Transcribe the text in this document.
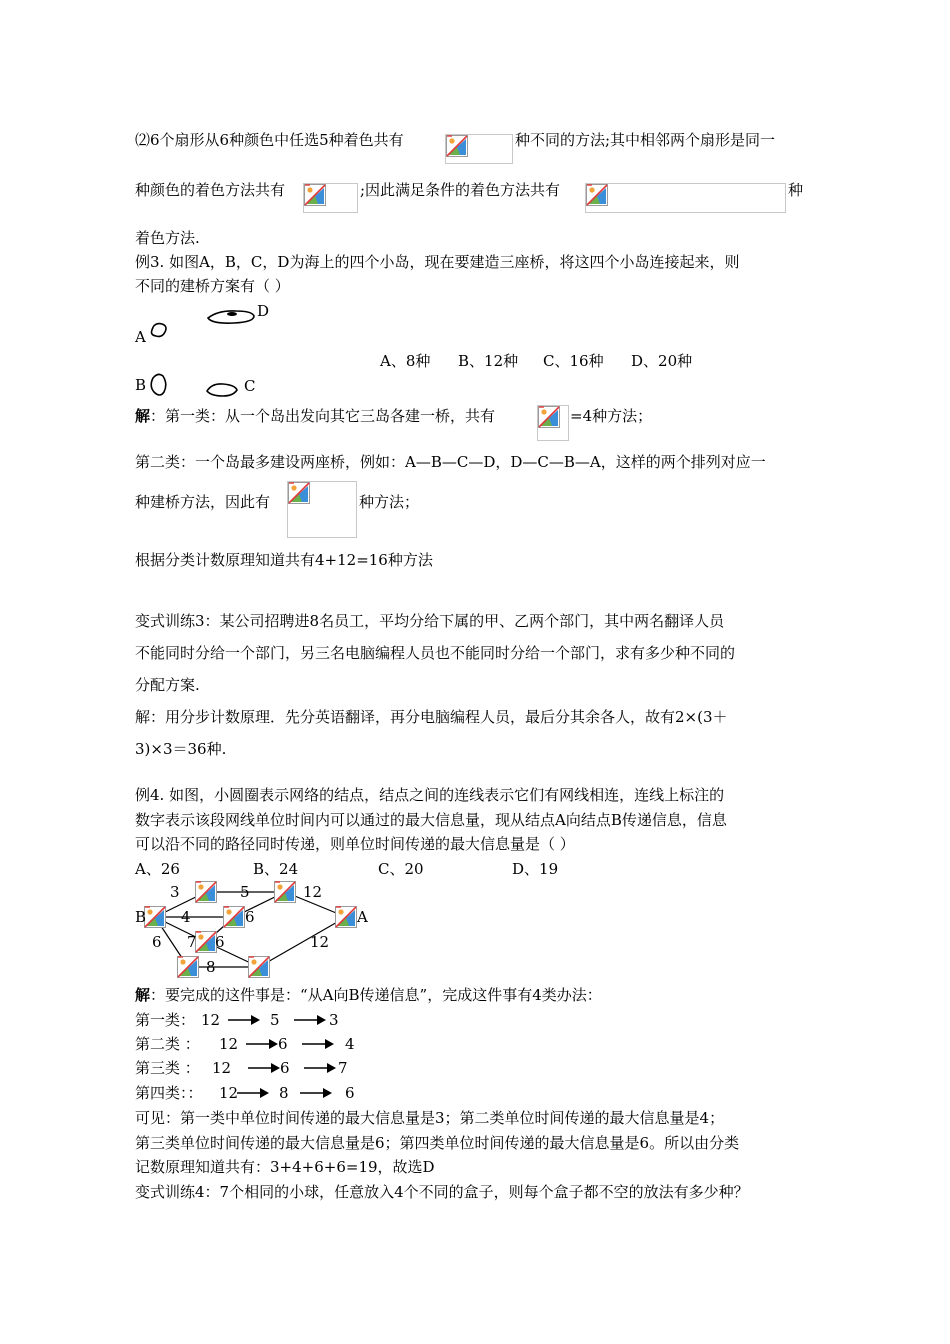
⑵6个扇形从6种颜色中任选5种着色共有	种不同的方法;其中相邻两个扇形是同一
种颜色的着色方法共有	;因此满足条件的着色方法共有	种
着色方法.
例3. 如图A，B，C，D为海上的四个小岛，现在要建造三座桥，将这四个小岛连接起来，则
不同的建桥方案有（ ）
D
A
B	C
A、8种 B、12种 C、16种 D、20种
解：第一类：从一个岛出发向其它三岛各建一桥，共有	=4种方法；
第二类：一个岛最多建设两座桥，例如：A—B—C—D，D—C—B—A，这样的两个排列对应一
种建桥方法，因此有	种方法；
根据分类计数原理知道共有4+12=16种方法
变式训练3：某公司招聘进8名员工，平均分给下属的甲、乙两个部门，其中两名翻译人员
不能同时分给一个部门，另三名电脑编程人员也不能同时分给一个部门，求有多少种不同的
分配方案.
解：用分步计数原理．先分英语翻译，再分电脑编程人员，最后分其余各人，故有2×(3＋
3)×3＝36种.
例4. 如图，小圆圈表示网络的结点，结点之间的连线表示它们有网线相连，连线上标注的
数字表示该段网线单位时间内可以通过的最大信息量，现从结点A向结点B传递信息，信息
可以沿不同的路径同时传递，则单位时间传递的最大信息量是（ ）
A、26	B、24	C、20	D、19
3	5	12
B 4	6	A
6 7 6	12
8
解：要完成的这件事是：“从A向B传递信息”，完成这件事有4类办法：
第一类： 12	5	3
第二类 ： 12	6	4
第三类 ： 12	6	7
第四类：： 12	8	6
可见：第一类中单位时间传递的最大信息量是3；第二类单位时间传递的最大信息量是4；
第三类单位时间传递的最大信息量是6；第四类单位时间传递的最大信息量是6。所以由分类
记数原理知道共有：3+4+6+6=19，故选D
变式训练4：7个相同的小球，任意放入4个不同的盒子，则每个盒子都不空的放法有多少种？
